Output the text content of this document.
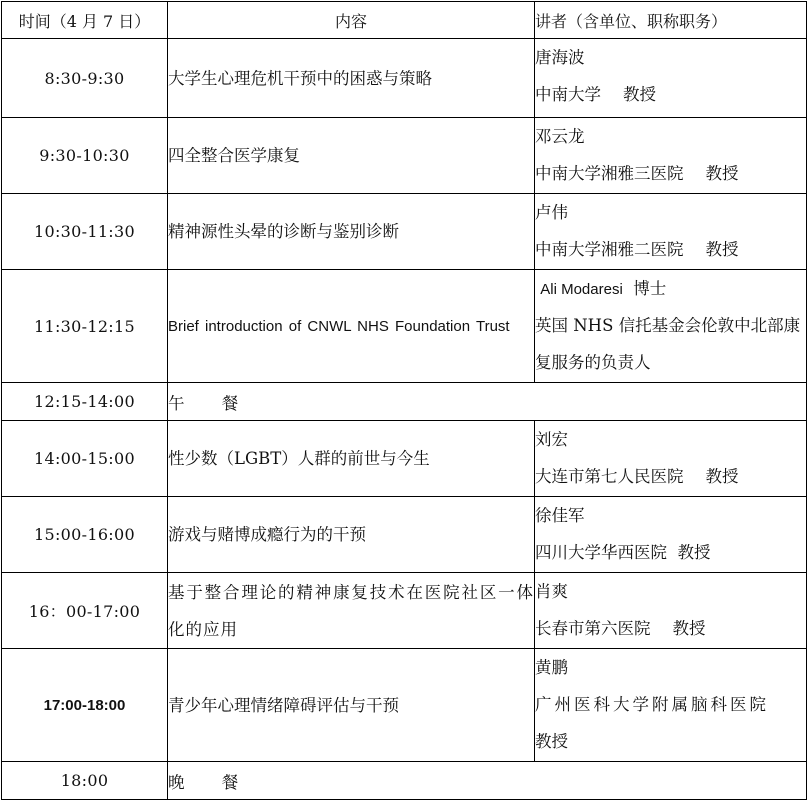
时间（4 月 7 日）	内容	讲者（含单位、职称职务）
8:30-9:30	大学生心理危机干预中的困惑与策略	唐海波
中南大学 教授

9:30-10:30	四全整合医学康复	邓云龙
中南大学湘雅三医院 教授

10:30-11:30	精神源性头晕的诊断与鉴别诊断	卢伟
中南大学湘雅二医院 教授

11:30-12:15	Brief introduction of CNWL NHS Foundation Trust	Ali Modaresi 博士
英国 NHS 信托基金会伦敦中北部康复服务的负责人

12:15-14:00	午 餐	
14:00-15:00	性少数（LGBT）人群的前世与今生	刘宏
大连市第七人民医院 教授

15:00-16:00	游戏与赌博成瘾行为的干预	徐佳军
四川大学华西医院 教授

16：00-17:00	基于整合理论的精神康复技术在医院社区一体化的应用	肖爽
长春市第六医院 教授

17:00-18:00	青少年心理情绪障碍评估与干预	黄鹏
广州医科大学附属脑科医院
教授

18:00	晚 餐	
